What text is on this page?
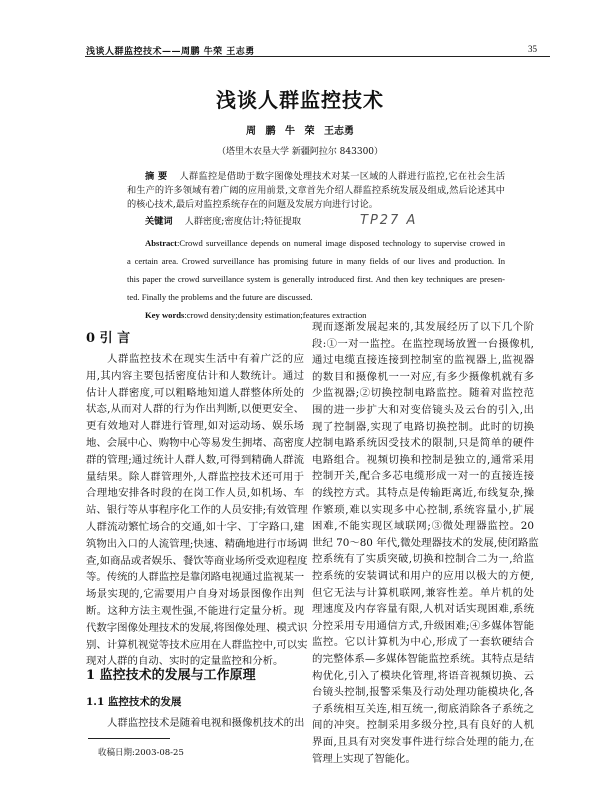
浅谈人群监控技术——周鹏 牛荣 王志勇	35
浅谈人群监控技术
周 鹏 牛 荣 王志勇
（塔里木农垦大学 新疆阿拉尔 843300）
摘 要 人群监控是借助于数字图像处理技术对某一区域的人群进行监控,它在社会生活
和生产的许多领域有着广阔的应用前景,文章首先介绍人群监控系统发展及组成,然后论述其中
的核心技术,最后对监控系统存在的问题及发展方向进行讨论。
关键词 人群密度;密度估计;特征提取	TP27 A
Abstract:Crowd surveillance depends on numeral image disposed technology to supervise crowed in
a certain area. Crowed surveillance has promising future in many fields of our lives and production. In
this paper the crowd surveillance system is generally introduced first. And then key techniques are presen-
ted. Finally the problems and the future are discussed.
Key words:crowd density;density estimation;features extraction
0 引 言
人群监控技术在现实生活中有着广泛的应
用,其内容主要包括密度估计和人数统计。通过
估计人群密度,可以粗略地知道人群整体所处的
状态,从而对人群的行为作出判断,以便更安全、
更有效地对人群进行管理,如对运动场、娱乐场
地、会展中心、购物中心等易发生拥堵、高密度人
群的管理;通过统计人群人数,可得到精确人群流
量结果。除人群管理外,人群监控技术还可用于
合理地安排各时段的在岗工作人员,如机场、车
站、银行等从事程序化工作的人员安排;有效管理
人群流动繁忙场合的交通,如十字、丁字路口,建
筑物出入口的人流管理;快速、精确地进行市场调
查,如商品或者娱乐、餐饮等商业场所受欢迎程度
等。传统的人群监控是靠闭路电视通过监视某一
场景实现的,它需要用户自身对场景图像作出判
断。这种方法主观性强,不能进行定量分析。现
代数字图像处理技术的发展,将图像处理、模式识
别、计算机视觉等技术应用在人群监控中,可以实
现对人群的自动、实时的定量监控和分析。
1 监控技术的发展与工作原理
1.1 监控技术的发展
人群监控技术是随着电视和摄像机技术的出
现而逐渐发展起来的,其发展经历了以下几个阶
段:①一对一监控。在监控现场放置一台摄像机,
通过电缆直接连接到控制室的监视器上,监视器
的数目和摄像机一一对应,有多少摄像机就有多
少监视器;②切换控制电路监控。随着对监控范
围的进一步扩大和对变倍镜头及云台的引入,出
现了控制器,实现了电路切换控制。此时的切换
控制电路系统因受技术的限制,只是简单的硬件
电路组合。视频切换和控制是独立的,通常采用
控制开关,配合多芯电缆形成一对一的直接连接
的线控方式。其特点是传输距离近,布线复杂,操
作繁琐,难以实现多中心控制,系统容量小,扩展
困难,不能实现区域联网;③微处理器监控。20
世纪 70～80 年代,微处理器技术的发展,使闭路监
控系统有了实质突破,切换和控制合二为一,给监
控系统的安装调试和用户的应用以极大的方便,
但它无法与计算机联网,兼容性差。单片机的处
理速度及内存容量有限,人机对话实现困难,系统
分控采用专用通信方式,升级困难;④多媒体智能
监控。它以计算机为中心,形成了一套软硬结合
的完整体系—多媒体智能监控系统。其特点是结
构优化,引入了模块化管理,将语音视频切换、云
台镜头控制,报警采集及行动处理功能模块化,各
子系统相互关连,相互统一,彻底消除各子系统之
间的冲突。控制采用多级分控,具有良好的人机
界面,且具有对突发事件进行综合处理的能力,在
管理上实现了智能化。
收稿日期:2003-08-25
